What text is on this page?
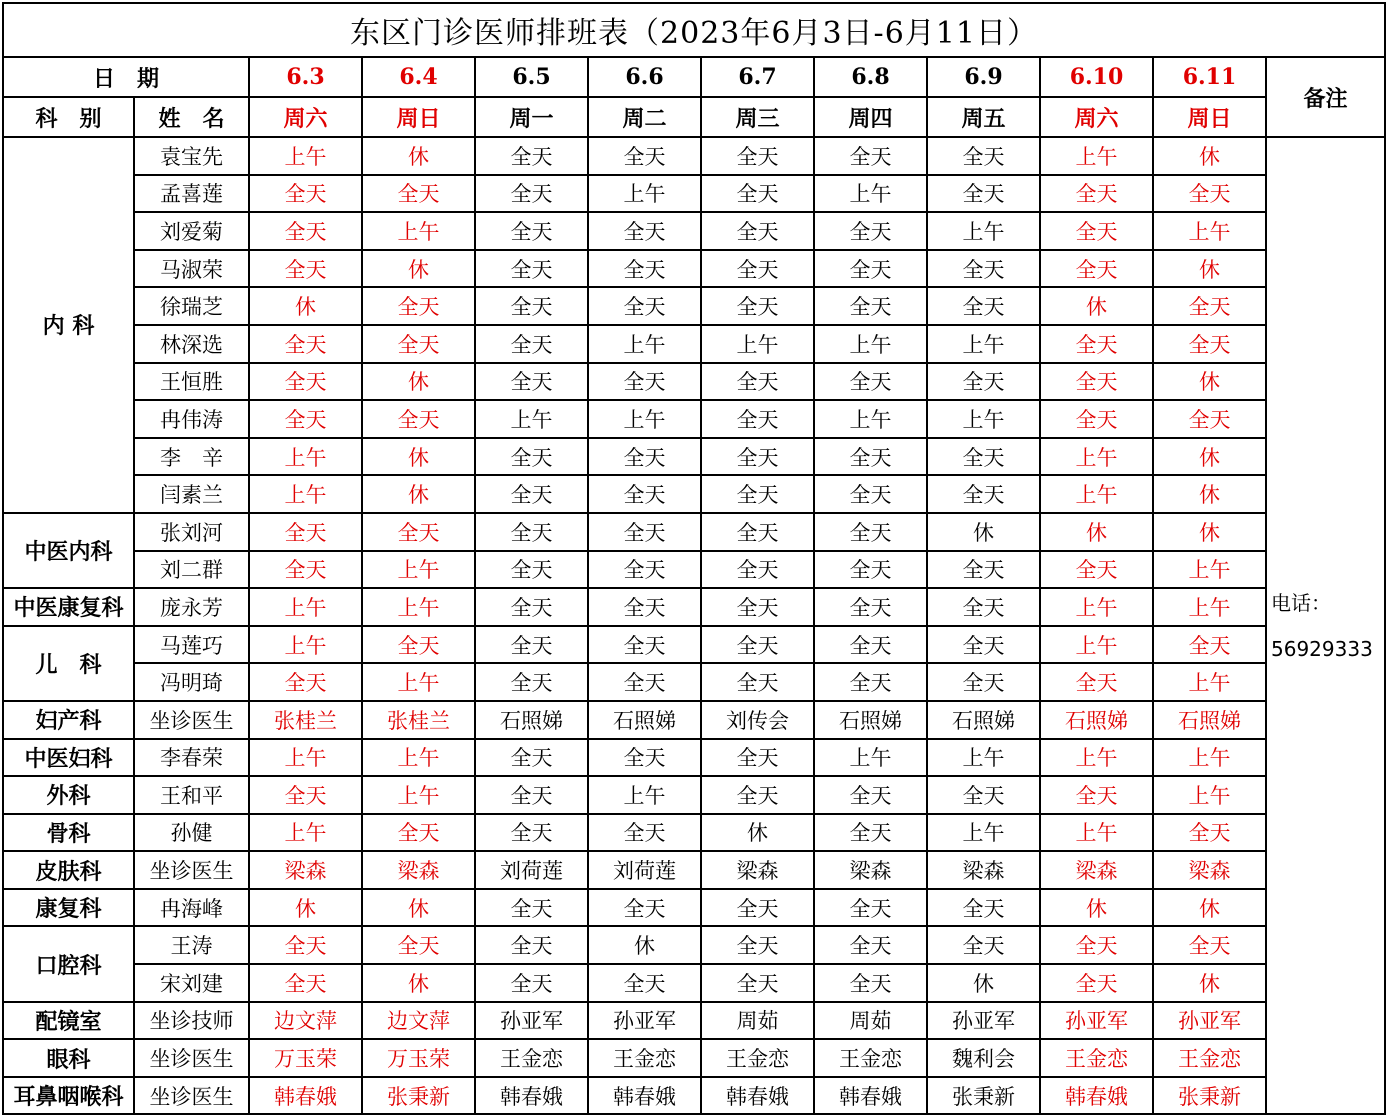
东区门诊医师排班表（2023年6月3日-6月11日）											
日　期		6.3	6.4	6.5	6.6	6.7	6.8	6.9	6.10	6.11	备注
科　别	姓　名	周六	周日	周一	周二	周三	周四	周五	周六	周日	
内 科	袁宝先	上午	休	全天	全天	全天	全天	全天	上午	休	电话：
56929333

	孟喜莲	全天	全天	全天	上午	全天	上午	全天	全天	全天	
	刘爱菊	全天	上午	全天	全天	全天	全天	上午	全天	上午	
	马淑荣	全天	休	全天	全天	全天	全天	全天	全天	休	
	徐瑞芝	休	全天	全天	全天	全天	全天	全天	休	全天	
	林深选	全天	全天	全天	上午	上午	上午	上午	全天	全天	
	王恒胜	全天	休	全天	全天	全天	全天	全天	全天	休	
	冉伟涛	全天	全天	上午	上午	全天	上午	上午	全天	全天	
	李　辛	上午	休	全天	全天	全天	全天	全天	上午	休	
	闫素兰	上午	休	全天	全天	全天	全天	全天	上午	休	
中医内科	张刘河	全天	全天	全天	全天	全天	全天	休	休	休	
	刘二群	全天	上午	全天	全天	全天	全天	全天	全天	上午	
中医康复科	庞永芳	上午	上午	全天	全天	全天	全天	全天	上午	上午	
儿　科	马莲巧	上午	全天	全天	全天	全天	全天	全天	上午	全天	
	冯明琦	全天	上午	全天	全天	全天	全天	全天	全天	上午	
妇产科	坐诊医生	张桂兰	张桂兰	石照娣	石照娣	刘传会	石照娣	石照娣	石照娣	石照娣	
中医妇科	李春荣	上午	上午	全天	全天	全天	上午	上午	上午	上午	
外科	王和平	全天	上午	全天	上午	全天	全天	全天	全天	上午	
骨科	孙健	上午	全天	全天	全天	休	全天	上午	上午	全天	
皮肤科	坐诊医生	梁森	梁森	刘荷莲	刘荷莲	梁森	梁森	梁森	梁森	梁森	
康复科	冉海峰	休	休	全天	全天	全天	全天	全天	休	休	
口腔科	王涛	全天	全天	全天	休	全天	全天	全天	全天	全天	
	宋刘建	全天	休	全天	全天	全天	全天	休	全天	休	
配镜室	坐诊技师	边文萍	边文萍	孙亚军	孙亚军	周茹	周茹	孙亚军	孙亚军	孙亚军	
眼科	坐诊医生	万玉荣	万玉荣	王金恋	王金恋	王金恋	王金恋	魏利会	王金恋	王金恋	
耳鼻咽喉科	坐诊医生	韩春娥	张秉新	韩春娥	韩春娥	韩春娥	韩春娥	张秉新	韩春娥	张秉新	
